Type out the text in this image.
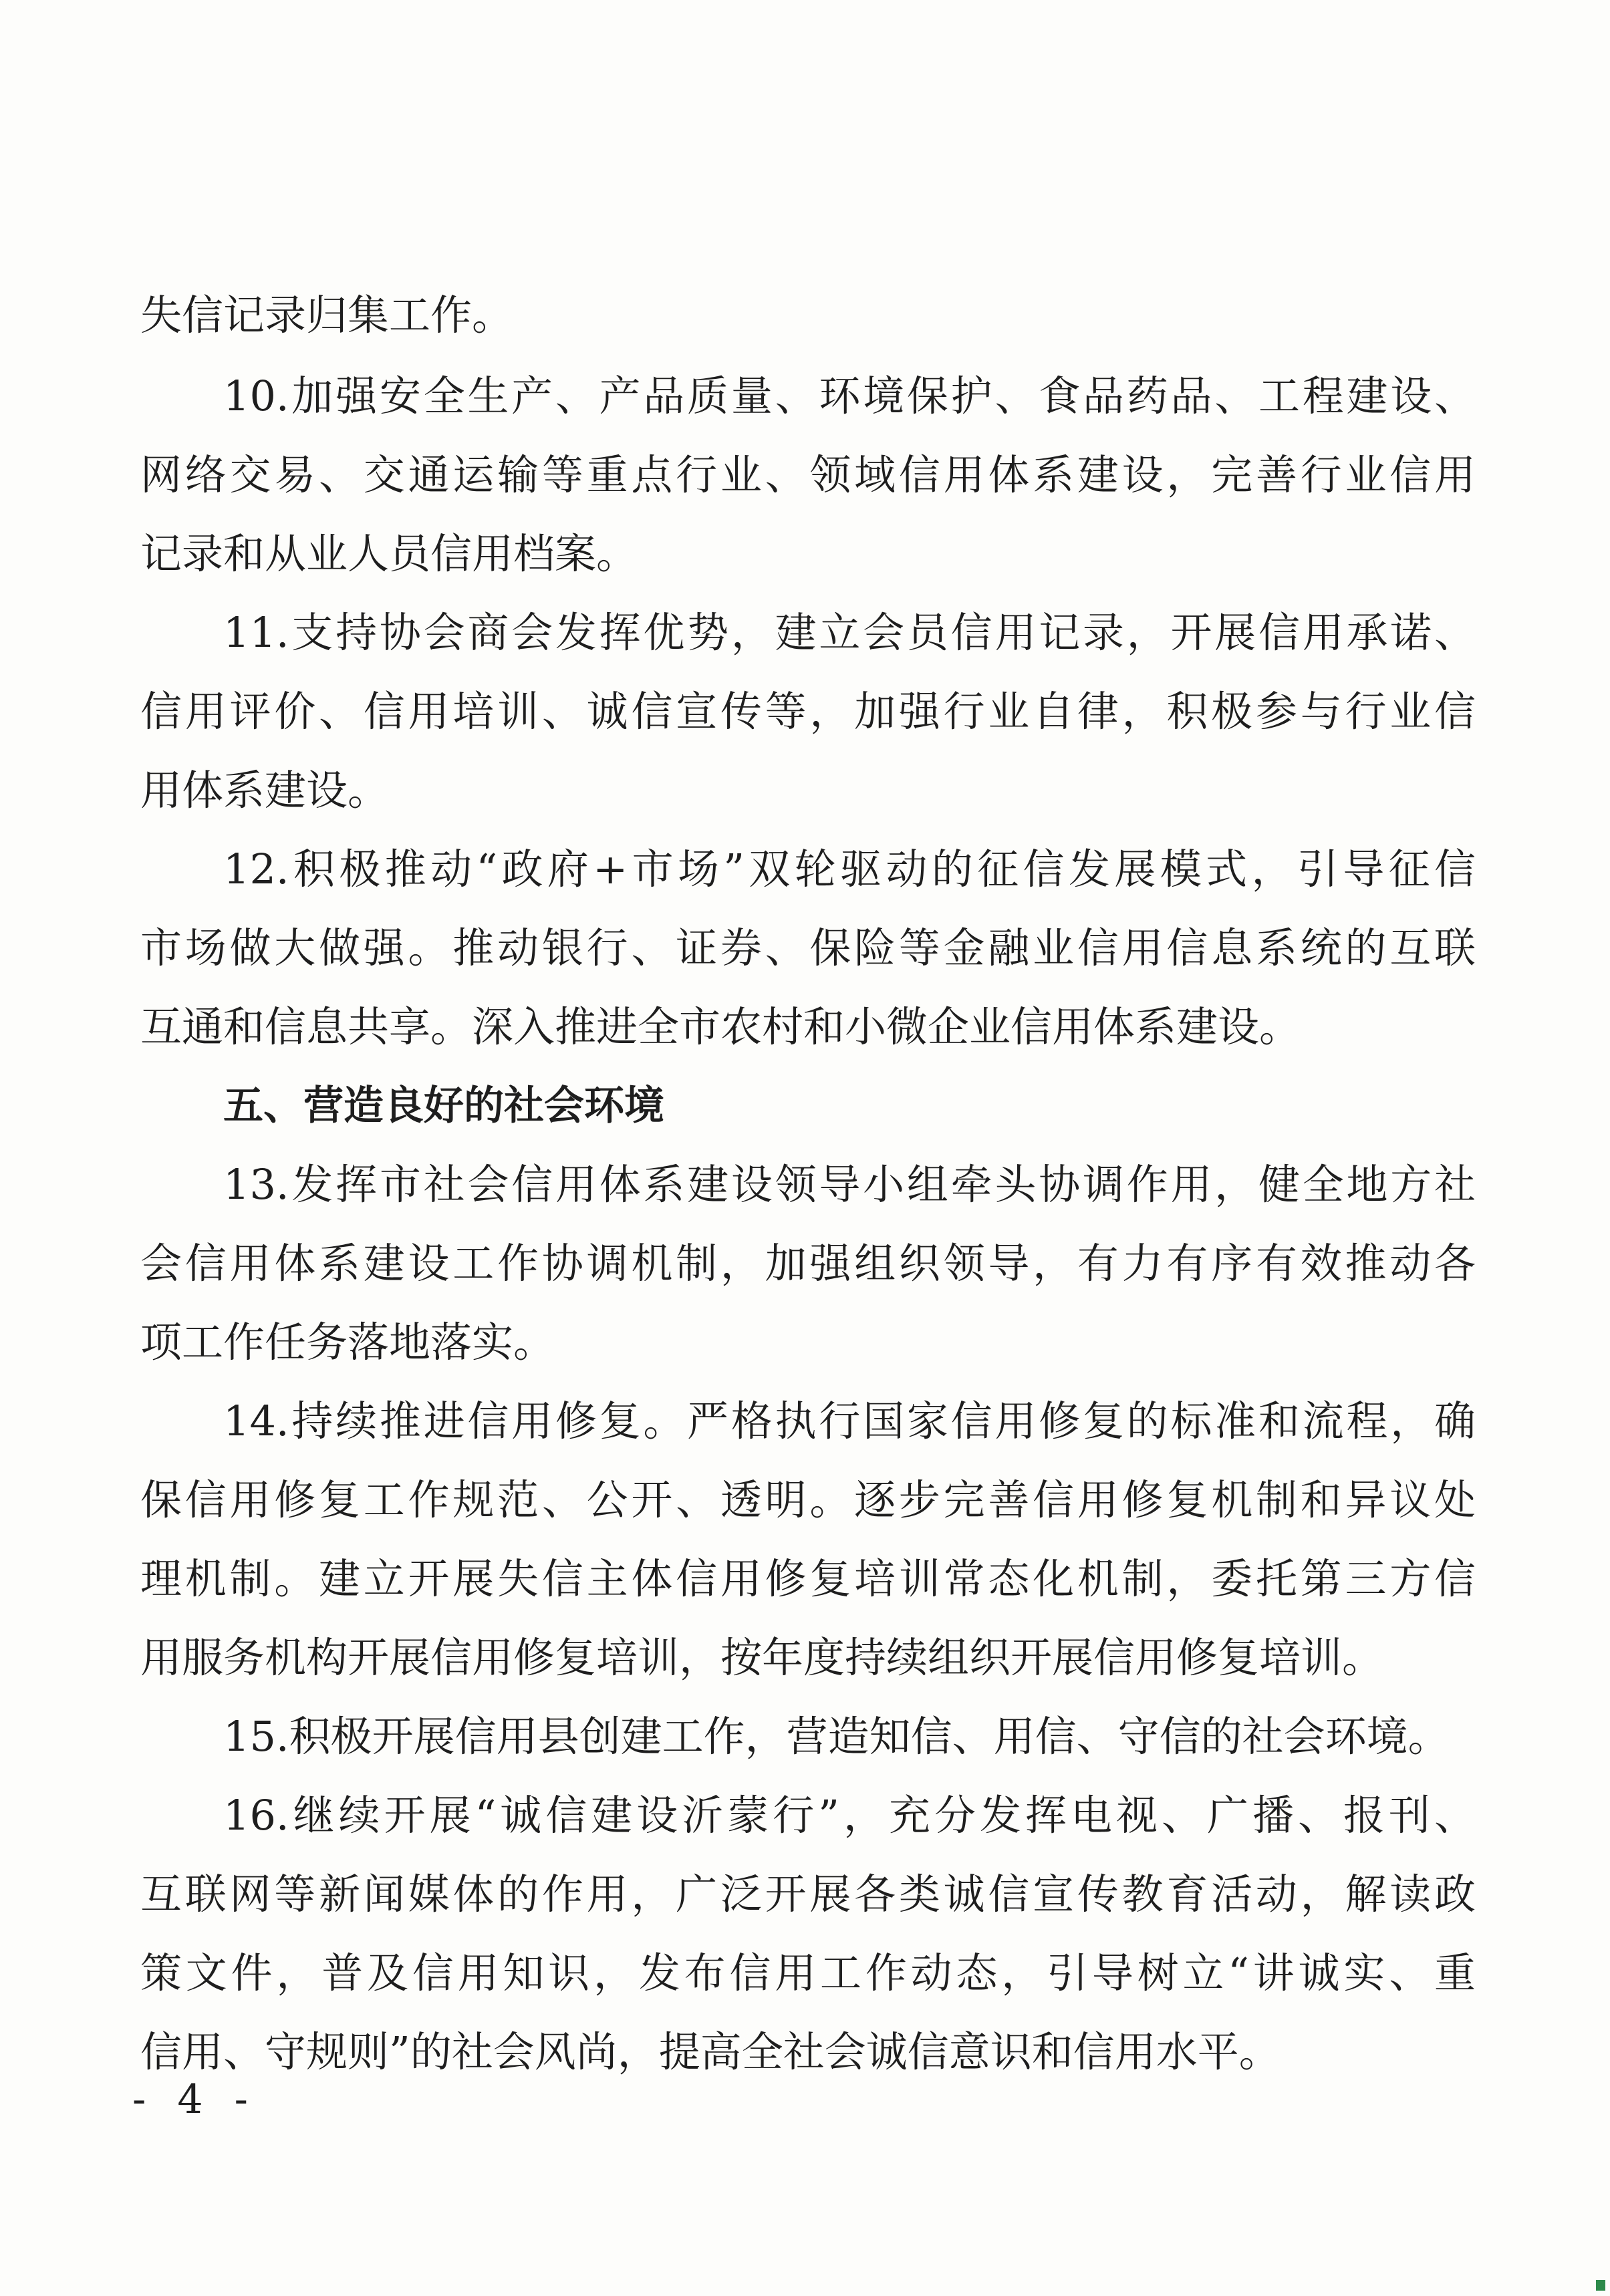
失信记录归集工作。
10.加强安全生产、产品质量、环境保护、食品药品、工程建设、
网络交易、交通运输等重点行业、领域信用体系建设，完善行业信用
记录和从业人员信用档案。
11.支持协会商会发挥优势，建立会员信用记录，开展信用承诺、
信用评价、信用培训、诚信宣传等，加强行业自律，积极参与行业信
用体系建设。
12.积极推动“政府+市场”双轮驱动的征信发展模式，引导征信
市场做大做强。推动银行、证券、保险等金融业信用信息系统的互联
互通和信息共享。深入推进全市农村和小微企业信用体系建设。
五、营造良好的社会环境
13.发挥市社会信用体系建设领导小组牵头协调作用，健全地方社
会信用体系建设工作协调机制，加强组织领导，有力有序有效推动各
项工作任务落地落实。
14.持续推进信用修复。严格执行国家信用修复的标准和流程，确
保信用修复工作规范、公开、透明。逐步完善信用修复机制和异议处
理机制。建立开展失信主体信用修复培训常态化机制，委托第三方信
用服务机构开展信用修复培训，按年度持续组织开展信用修复培训。
15.积极开展信用县创建工作，营造知信、用信、守信的社会环境。
16.继续开展“诚信建设沂蒙行”，充分发挥电视、广播、报刊、
互联网等新闻媒体的作用，广泛开展各类诚信宣传教育活动，解读政
策文件，普及信用知识，发布信用工作动态，引导树立“讲诚实、重
信用、守规则”的社会风尚，提高全社会诚信意识和信用水平。
- 4 -
